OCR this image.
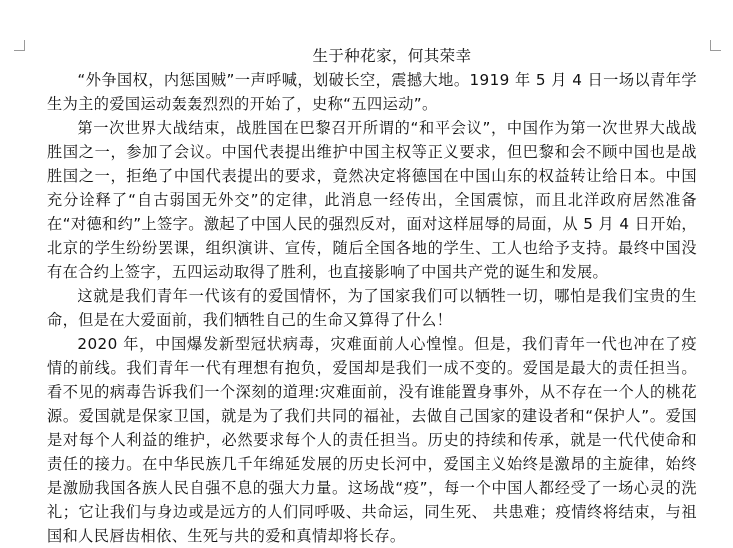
生于种花家，何其荣幸

“外争国权，内惩国贼”一声呼喊，划破长空，震撼大地。1919 年 5 月 4 日一场以青年学生为主的爱国运动轰轰烈烈的开始了，史称“五四运动”。

第一次世界大战结束，战胜国在巴黎召开所谓的“和平会议”，中国作为第一次世界大战战胜国之一，参加了会议。中国代表提出维护中国主权等正义要求，但巴黎和会不顾中国也是战胜国之一，拒绝了中国代表提出的要求，竟然决定将德国在中国山东的权益转让给日本。中国充分诠释了“自古弱国无外交”的定律，此消息一经传出，全国震惊，而且北洋政府居然准备在“对德和约”上签字。激起了中国人民的强烈反对，面对这样屈辱的局面，从 5 月 4 日开始，北京的学生纷纷罢课，组织演讲、宣传，随后全国各地的学生、工人也给予支持。最终中国没有在合约上签字，五四运动取得了胜利，也直接影响了中国共产党的诞生和发展。

这就是我们青年一代该有的爱国情怀，为了国家我们可以牺牲一切，哪怕是我们宝贵的生命，但是在大爱面前，我们牺牲自己的生命又算得了什么！

2020 年，中国爆发新型冠状病毒，灾难面前人心惶惶。但是，我们青年一代也冲在了疫情的前线。我们青年一代有理想有抱负，爱国却是我们一成不变的。爱国是最大的责任担当。看不见的病毒告诉我们一个深刻的道理:灾难面前，没有谁能置身事外，从不存在一个人的桃花源。爱国就是保家卫国，就是为了我们共同的福祉，去做自己国家的建设者和“保护人”。爱国是对每个人利益的维护，必然要求每个人的责任担当。历史的持续和传承，就是一代代使命和责任的接力。在中华民族几千年绵延发展的历史长河中，爱国主义始终是激昂的主旋律，始终是激励我国各族人民自强不息的强大力量。这场战“疫”，每一个中国人都经受了一场心灵的洗礼；它让我们与身边或是远方的人们同呼吸、共命运，同生死、 共患难；疫情终将结束，与祖国和人民唇齿相依、生死与共的爱和真情却将长存。
